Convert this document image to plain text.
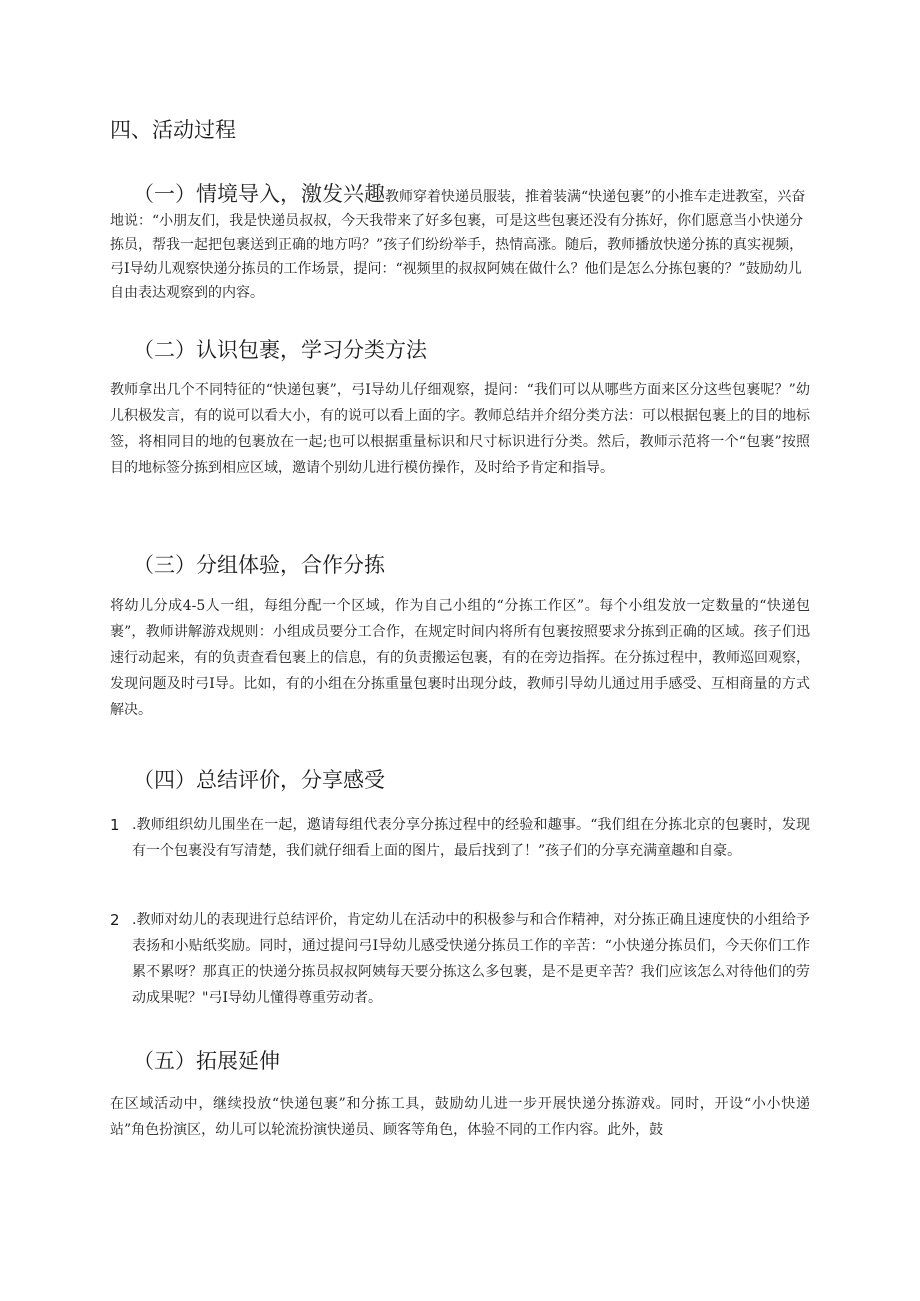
四、活动过程

（一）情境导入，激发兴趣教师穿着快递员服装，推着装满“快递包裹”的小推车走进教室，兴奋地说：“小朋友们，我是快递员叔叔，今天我带来了好多包裹，可是这些包裹还没有分拣好，你们愿意当小快递分拣员，帮我一起把包裹送到正确的地方吗？”孩子们纷纷举手，热情高涨。随后，教师播放快递分拣的真实视频，弓I导幼儿观察快递分拣员的工作场景，提问：“视频里的叔叔阿姨在做什么？他们是怎么分拣包裹的？”鼓励幼儿自由表达观察到的内容。

（二）认识包裹，学习分类方法

教师拿出几个不同特征的“快递包裹”，弓I导幼儿仔细观察，提问：“我们可以从哪些方面来区分这些包裹呢？”幼儿积极发言，有的说可以看大小，有的说可以看上面的字。教师总结并介绍分类方法：可以根据包裹上的目的地标签，将相同目的地的包裹放在一起;也可以根据重量标识和尺寸标识进行分类。然后，教师示范将一个“包裹”按照目的地标签分拣到相应区域，邀请个别幼儿进行模仿操作，及时给予肯定和指导。

（三）分组体验，合作分拣

将幼儿分成4-5人一组，每组分配一个区域，作为自己小组的“分拣工作区”。每个小组发放一定数量的“快递包裹”，教师讲解游戏规则：小组成员要分工合作，在规定时间内将所有包裹按照要求分拣到正确的区域。孩子们迅速行动起来，有的负责查看包裹上的信息，有的负责搬运包裹，有的在旁边指挥。在分拣过程中，教师巡回观察，发现问题及时弓I导。比如，有的小组在分拣重量包裹时出现分歧，教师引导幼儿通过用手感受、互相商量的方式解决。

（四）总结评价，分享感受
1 .教师组织幼儿围坐在一起，邀请每组代表分享分拣过程中的经验和趣事。“我们组在分拣北京的包裹时，发现有一个包裹没有写清楚，我们就仔细看上面的图片，最后找到了！”孩子们的分享充满童趣和自豪。
2 .教师对幼儿的表现进行总结评价，肯定幼儿在活动中的积极参与和合作精神，对分拣正确且速度快的小组给予表扬和小贴纸奖励。同时，通过提问弓I导幼儿感受快递分拣员工作的辛苦：“小快递分拣员们，今天你们工作累不累呀？那真正的快递分拣员叔叔阿姨每天要分拣这么多包裹，是不是更辛苦？我们应该怎么对待他们的劳动成果呢？"弓I导幼儿懂得尊重劳动者。
（五）拓展延伸

在区域活动中，继续投放“快递包裹”和分拣工具，鼓励幼儿进一步开展快递分拣游戏。同时，开设“小小快递站”角色扮演区，幼儿可以轮流扮演快递员、顾客等角色，体验不同的工作内容。此外，鼓
